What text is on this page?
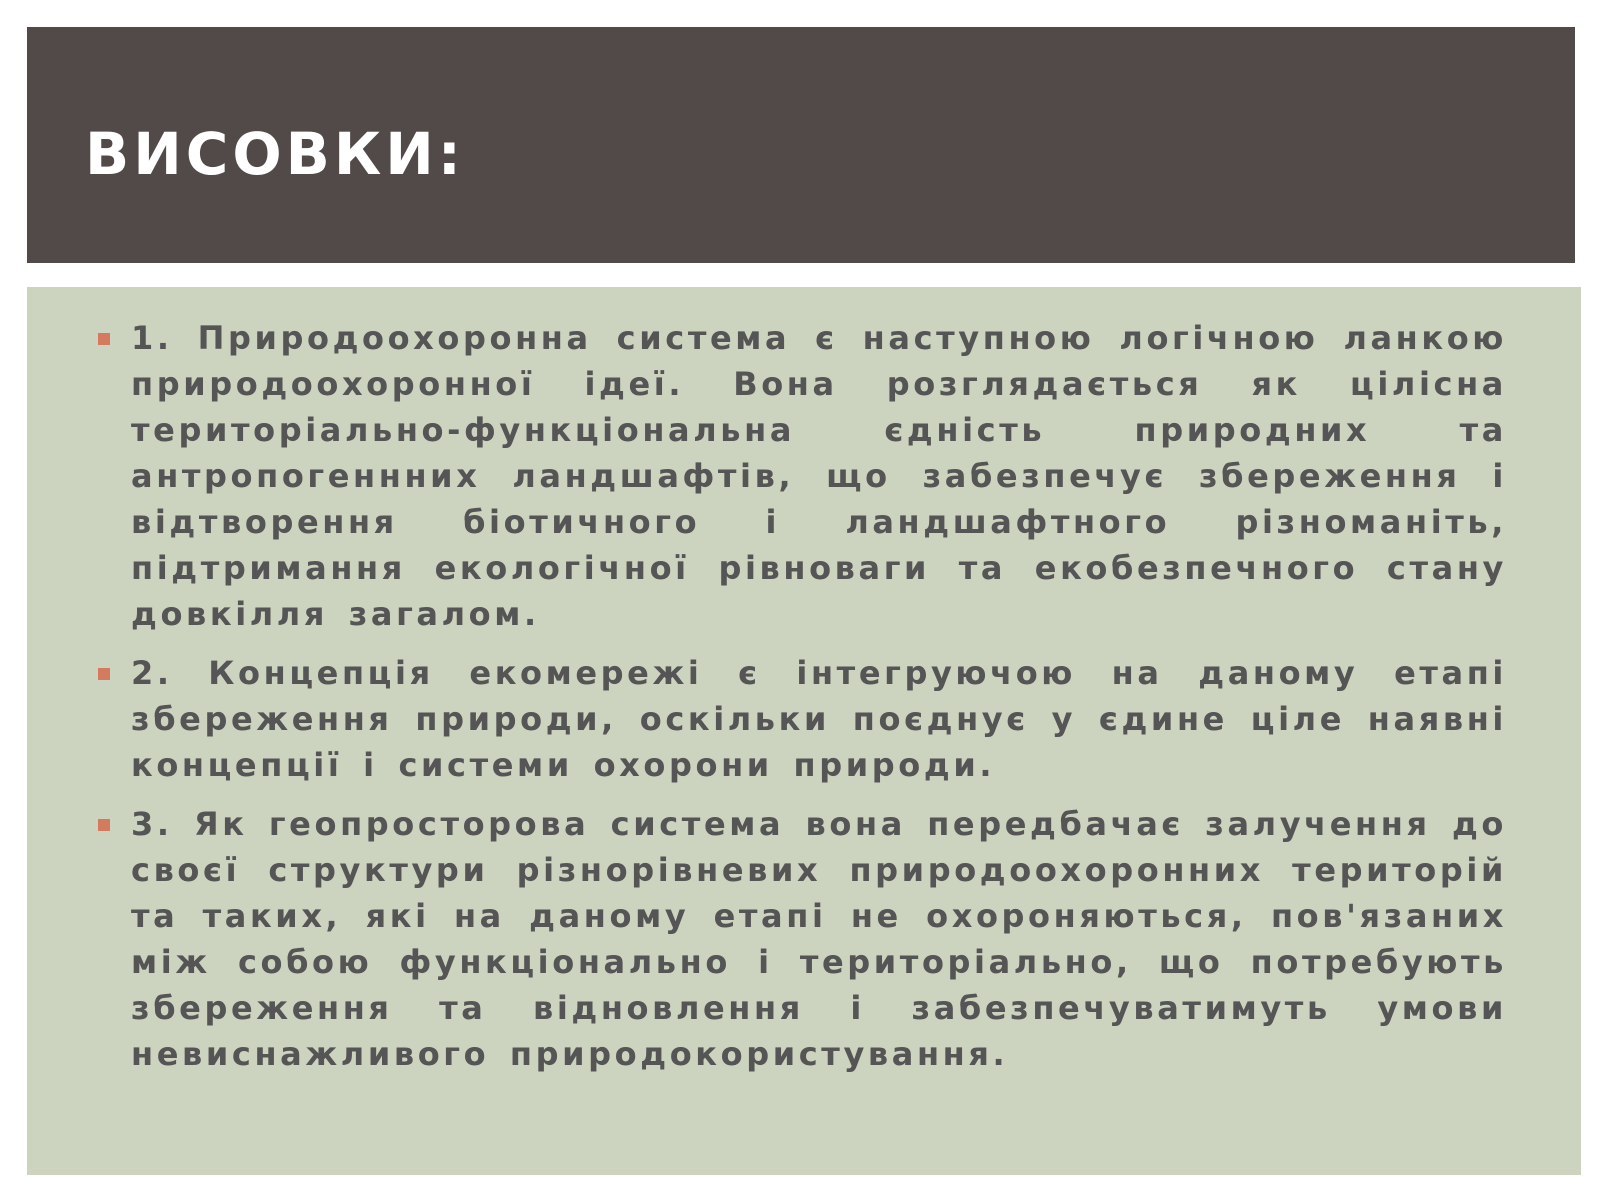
ВИСОВКИ:
1. Природоохоронна система є наступною логічною ланкою природоохоронної ідеї. Вона розглядається як цілісна територіально-функціональна єдність природних та антропогеннних ландшафтів, що забезпечує збереження і відтворення біотичного і ландшафтного різноманіть, підтримання екологічної рівноваги та екобезпечного стану довкілля загалом.
2. Концепція екомережі є інтегруючою на даному етапі збереження природи, оскільки поєднує у єдине ціле наявні концепції і системи охорони природи.
3. Як геопросторова система вона передбачає залучення до своєї структури різнорівневих природоохоронних територій та таких, які на даному етапі не охороняються, пов'язаних між собою функціонально і територіально, що потребують збереження та відновлення і забезпечуватимуть умови невиснажливого природокористування.
